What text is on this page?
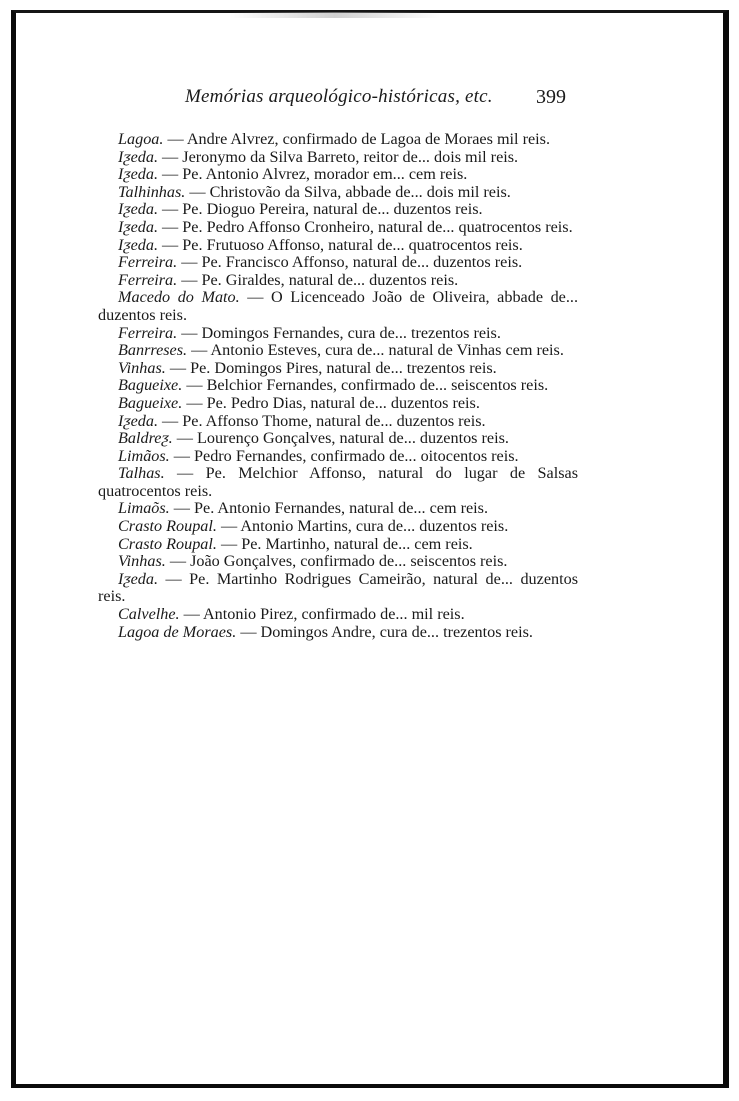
Memórias arqueológico-históricas, etc. 399

Lagoa. — Andre Alvrez, confirmado de Lagoa de Moraes mil reis.

Iƺeda. — Jeronymo da Silva Barreto, reitor de... dois mil reis.

Iƺeda. — Pe. Antonio Alvrez, morador em... cem reis.

Talhinhas. — Christovão da Silva, abbade de... dois mil reis.

Iƺeda. — Pe. Dioguo Pereira, natural de... duzentos reis.

Iƺeda. — Pe. Pedro Affonso Cronheiro, natural de... quatrocentos reis.

Iƺeda. — Pe. Frutuoso Affonso, natural de... quatrocentos reis.

Ferreira. — Pe. Francisco Affonso, natural de... duzentos reis.

Ferreira. — Pe. Giraldes, natural de... duzentos reis.

Macedo do Mato. — O Licenceado João de Oliveira, abbade de... duzentos reis.

Ferreira. — Domingos Fernandes, cura de... trezentos reis.

Banrreses. — Antonio Esteves, cura de... natural de Vinhas cem reis.

Vinhas. — Pe. Domingos Pires, natural de... trezentos reis.

Bagueixe. — Belchior Fernandes, confirmado de... seiscentos reis.

Bagueixe. — Pe. Pedro Dias, natural de... duzentos reis.

Iƺeda. — Pe. Affonso Thome, natural de... duzentos reis.

Baldreƺ. — Lourenço Gonçalves, natural de... duzentos reis.

Limãos. — Pedro Fernandes, confirmado de... oitocentos reis.

Talhas. — Pe. Melchior Affonso, natural do lugar de Salsas quatrocentos reis.

Limaõs. — Pe. Antonio Fernandes, natural de... cem reis.

Crasto Roupal. — Antonio Martins, cura de... duzentos reis.

Crasto Roupal. — Pe. Martinho, natural de... cem reis.

Vinhas. — João Gonçalves, confirmado de... seiscentos reis.

Iƺeda. — Pe. Martinho Rodrigues Cameirão, natural de... duzentos reis.

Calvelhe. — Antonio Pirez, confirmado de... mil reis.

Lagoa de Moraes. — Domingos Andre, cura de... trezentos reis.
